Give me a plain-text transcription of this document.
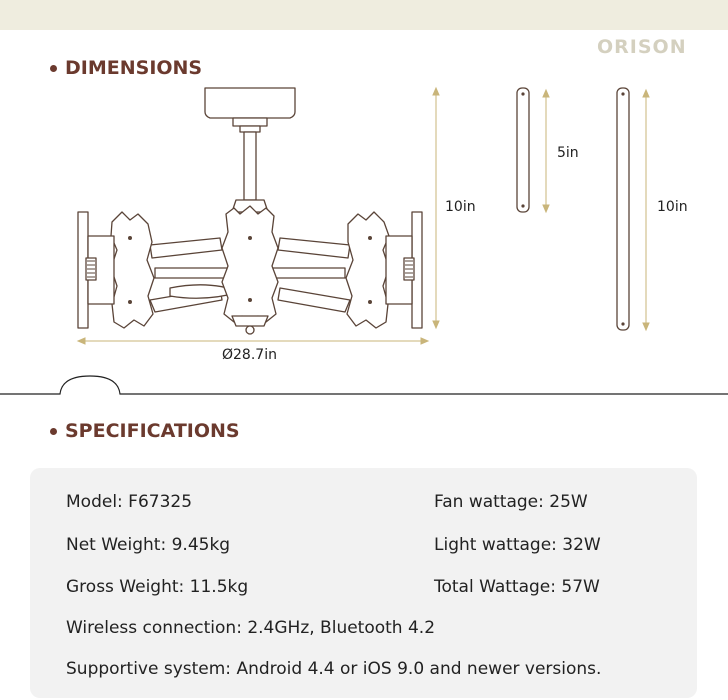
ORISON
DIMENSIONS
10in
5in
10in
Ø28.7in
SPECIFICATIONS
Model: F67325
Net Weight: 9.45kg
Gross Weight: 11.5kg
Fan wattage: 25W
Light wattage: 32W
Total Wattage: 57W
Wireless connection: 2.4GHz, Bluetooth 4.2
Supportive system: Android 4.4 or iOS 9.0 and newer versions.
